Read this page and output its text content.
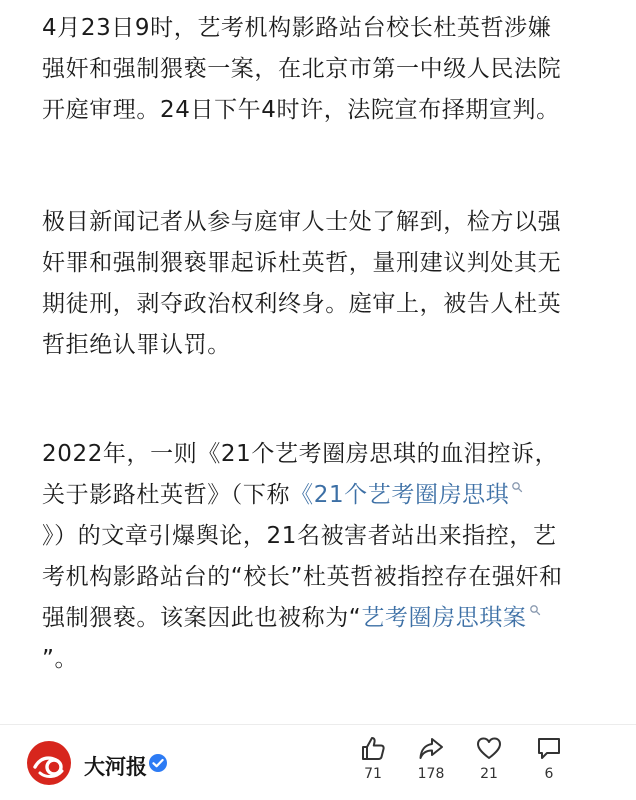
4月23日9时，艺考机构影路站台校长杜英哲涉嫌
强奸和强制猥亵一案，在北京市第一中级人民法院
开庭审理。24日下午4时许，法院宣布择期宣判。
极目新闻记者从参与庭审人士处了解到，检方以强
奸罪和强制猥亵罪起诉杜英哲，量刑建议判处其无
期徒刑，剥夺政治权利终身。庭审上，被告人杜英
哲拒绝认罪认罚。
2022年，一则《21个艺考圈房思琪的血泪控诉，
关于影路杜英哲》（下称《21个艺考圈房思琪
》）的文章引爆舆论，21名被害者站出来指控，艺
考机构影路站台的“校长”杜英哲被指控存在强奸和
强制猥亵。该案因此也被称为“艺考圈房思琪案
”。
大河报	71	178	21	6
